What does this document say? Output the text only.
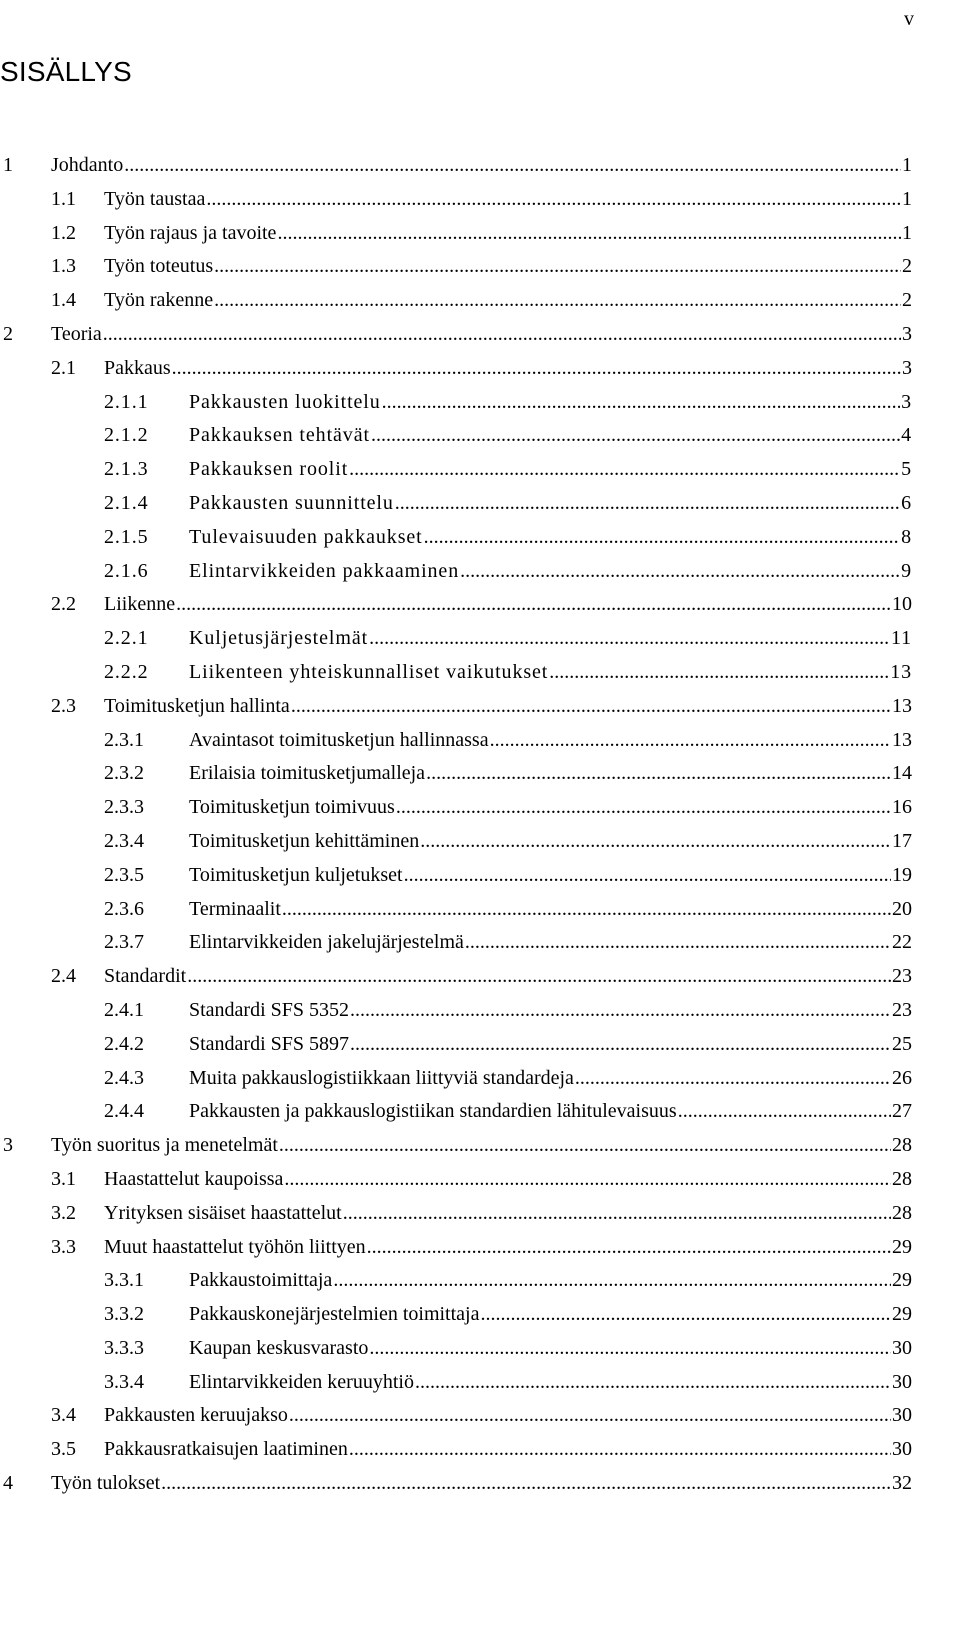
v
SISÄLLYS
1 Johdanto .....	1
1.1 Työn taustaa .....	1
1.2 Työn rajaus ja tavoite .....	1
1.3 Työn toteutus .....	2
1.4 Työn rakenne .....	2
2 Teoria .....	3
2.1 Pakkaus .....	3
2.1.1 Pakkausten luokittelu .....	3
2.1.2 Pakkauksen tehtävät .....	4
2.1.3 Pakkauksen roolit .....	5
2.1.4 Pakkausten suunnittelu .....	6
2.1.5 Tulevaisuuden pakkaukset .....	8
2.1.6 Elintarvikkeiden pakkaaminen .....	9
2.2 Liikenne .....	10
2.2.1 Kuljetusjärjestelmät .....	11
2.2.2 Liikenteen yhteiskunnalliset vaikutukset .....	13
2.3 Toimitusketjun hallinta .....	13
2.3.1 Avaintasot toimitusketjun hallinnassa .....	13
2.3.2 Erilaisia toimitusketjumalleja .....	14
2.3.3 Toimitusketjun toimivuus .....	16
2.3.4 Toimitusketjun kehittäminen .....	17
2.3.5 Toimitusketjun kuljetukset .....	19
2.3.6 Terminaalit .....	20
2.3.7 Elintarvikkeiden jakelujärjestelmä .....	22
2.4 Standardit .....	23
2.4.1 Standardi SFS 5352 .....	23
2.4.2 Standardi SFS 5897 .....	25
2.4.3 Muita pakkauslogistiikkaan liittyviä standardeja .....	26
2.4.4 Pakkausten ja pakkauslogistiikan standardien lähitulevaisuus .....	27
3 Työn suoritus ja menetelmät .....	28
3.1 Haastattelut kaupoissa .....	28
3.2 Yrityksen sisäiset haastattelut .....	28
3.3 Muut haastattelut työhön liittyen .....	29
3.3.1 Pakkaustoimittaja .....	29
3.3.2 Pakkauskonejärjestelmien toimittaja .....	29
3.3.3 Kaupan keskusvarasto .....	30
3.3.4 Elintarvikkeiden keruuyhtiö .....	30
3.4 Pakkausten keruujakso .....	30
3.5 Pakkausratkaisujen laatiminen .....	30
4 Työn tulokset .....	32
